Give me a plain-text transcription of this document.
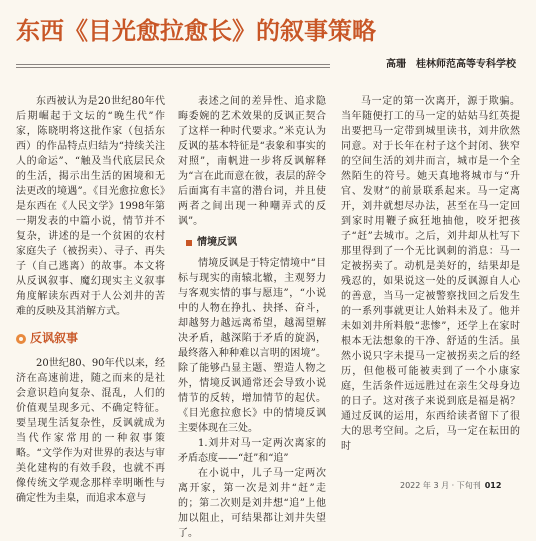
东西《目光愈拉愈长》的叙事策略
高珊　桂林师范高等专科学校

东西被认为是20世纪80年代后期崛起于文坛的“晚生代”作家，陈晓明将这批作家（包括东西）的作品特点归结为“持续关注人的命运”、“触及当代底层民众的生活，揭示出生活的困境和无法更改的境遇”。《目光愈拉愈长》是东西在《人民文学》1998年第一期发表的中篇小说，情节并不复杂，讲述的是一个贫困的农村家庭失子（被拐卖）、寻子、再失子（自己逃离）的故事。本文将从反讽叙事、魔幻现实主义叙事角度解读东西对于人公刘井的苦难的反映及其消解方式。

反讽叙事

20世纪80、90年代以来，经济在高速前进，随之而来的是社会意识趋向复杂、混乱，人们的价值观呈现多元、不确定特征。要呈现生活复杂性，反讽就成为当代作家常用的一种叙事策略。“文学作为对世界的表达与审美化建构的有效手段，也就不再像传统文学观念那样幸明晰性与确定性为圭臬，而追求本意与

表述之间的差异性、追求隐晦委婉的艺术效果的反讽正契合了这样一种时代要求。”米克认为反讽的基本特征是“表象和事实的对照”，南帆进一步将反讽解释为“言在此而意在彼，表层的辞令后面寓有丰富的潜台词，并且使两者之间出现一种嘲弄式的反讽”。

情境反讽

情境反讽是于特定情境中“目标与现实的南辕北辙，主观努力与客观实情的事与愿违”，“小说中的人物在挣扎、抉择、奋斗，却越努力越远离希望，越渴望解决矛盾，越深陷于矛盾的旋涡，最终落入种种难以言明的困境”。除了能够凸显主题、塑造人物之外，情境反讽通常还会导致小说情节的反转，增加情节的起伏。《目光愈拉愈长》中的情境反讽主要体现在三处。

1.刘井对马一定两次离家的矛盾态度——“赶”和“追”

在小说中，儿子马一定两次离开家，第一次是刘井“赶”走的；第二次则是刘井想“追”上他加以阻止，可结果都让刘井失望了。

马一定的第一次离开，源于欺骗。当年随便打工的马一定的姑姑马红英提出要把马一定带到城里读书，刘井欣然同意。对于长年在村子这个封闭、狭窄的空间生活的刘井而言，城市是一个全然陌生的符号。她天真地将城市与“升官、发财”的前景联系起来。马一定离开，刘井就想尽办法，甚至在马一定回到家时用鞭子疯狂地抽他，咬牙把孩子“赶”去城市。之后，刘井却从杜写下那里得到了一个无比讽刺的消息：马一定被拐卖了。动机是美好的，结果却是残忍的，如果说这一处的反讽源自人心的善意，当马一定被警察找回之后发生的一系列事就更让人始料未及了。他并未如刘井所料般“悲惨”，还学上在家时根本无法想象的干净、舒适的生活。虽然小说只字未提马一定被拐卖之后的经历，但他极可能被卖到了一个小康家庭，生活条件远远胜过在亲生父母身边的日子。这对孩子来说到底是福是祸？通过反讽的运用，东西给读者留下了很大的思考空间。之后，马一定在耘田的时

2022 年 3 月 · 下旬刊 012
